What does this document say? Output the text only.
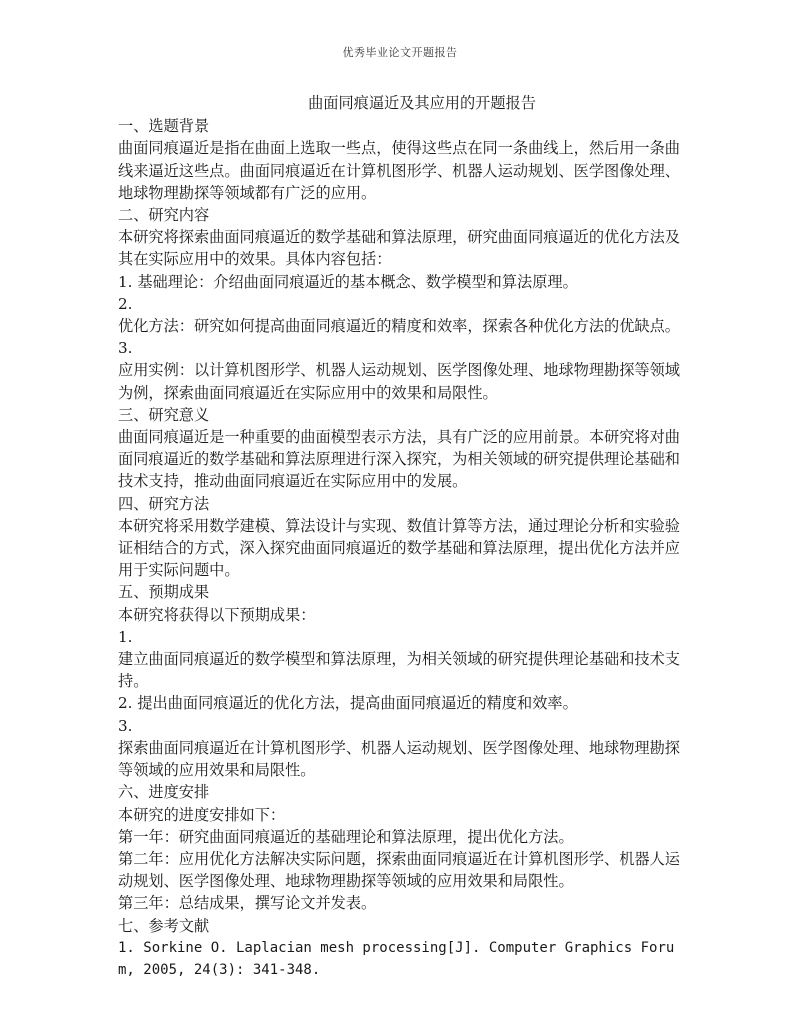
优秀毕业论文开题报告

曲面同痕逼近及其应用的开题报告

一、选题背景

曲面同痕逼近是指在曲面上选取一些点，使得这些点在同一条曲线上，然后用一条曲线来逼近这些点。曲面同痕逼近在计算机图形学、机器人运动规划、医学图像处理、地球物理勘探等领域都有广泛的应用。

二、研究内容

本研究将探索曲面同痕逼近的数学基础和算法原理，研究曲面同痕逼近的优化方法及其在实际应用中的效果。具体内容包括：

1. 基础理论：介绍曲面同痕逼近的基本概念、数学模型和算法原理。

2.

优化方法：研究如何提高曲面同痕逼近的精度和效率，探索各种优化方法的优缺点。

3.

应用实例：以计算机图形学、机器人运动规划、医学图像处理、地球物理勘探等领域为例，探索曲面同痕逼近在实际应用中的效果和局限性。

三、研究意义

曲面同痕逼近是一种重要的曲面模型表示方法，具有广泛的应用前景。本研究将对曲面同痕逼近的数学基础和算法原理进行深入探究，为相关领域的研究提供理论基础和技术支持，推动曲面同痕逼近在实际应用中的发展。

四、研究方法

本研究将采用数学建模、算法设计与实现、数值计算等方法，通过理论分析和实验验证相结合的方式，深入探究曲面同痕逼近的数学基础和算法原理，提出优化方法并应用于实际问题中。

五、预期成果

本研究将获得以下预期成果：

1.

建立曲面同痕逼近的数学模型和算法原理，为相关领域的研究提供理论基础和技术支持。

2. 提出曲面同痕逼近的优化方法，提高曲面同痕逼近的精度和效率。

3.

探索曲面同痕逼近在计算机图形学、机器人运动规划、医学图像处理、地球物理勘探等领域的应用效果和局限性。

六、进度安排

本研究的进度安排如下：

第一年：研究曲面同痕逼近的基础理论和算法原理，提出优化方法。

第二年：应用优化方法解决实际问题，探索曲面同痕逼近在计算机图形学、机器人运动规划、医学图像处理、地球物理勘探等领域的应用效果和局限性。

第三年：总结成果，撰写论文并发表。

七、参考文献

1. Sorkine O. Laplacian mesh processing[J]. Computer Graphics Forum, 2005, 24(3): 341-348.
